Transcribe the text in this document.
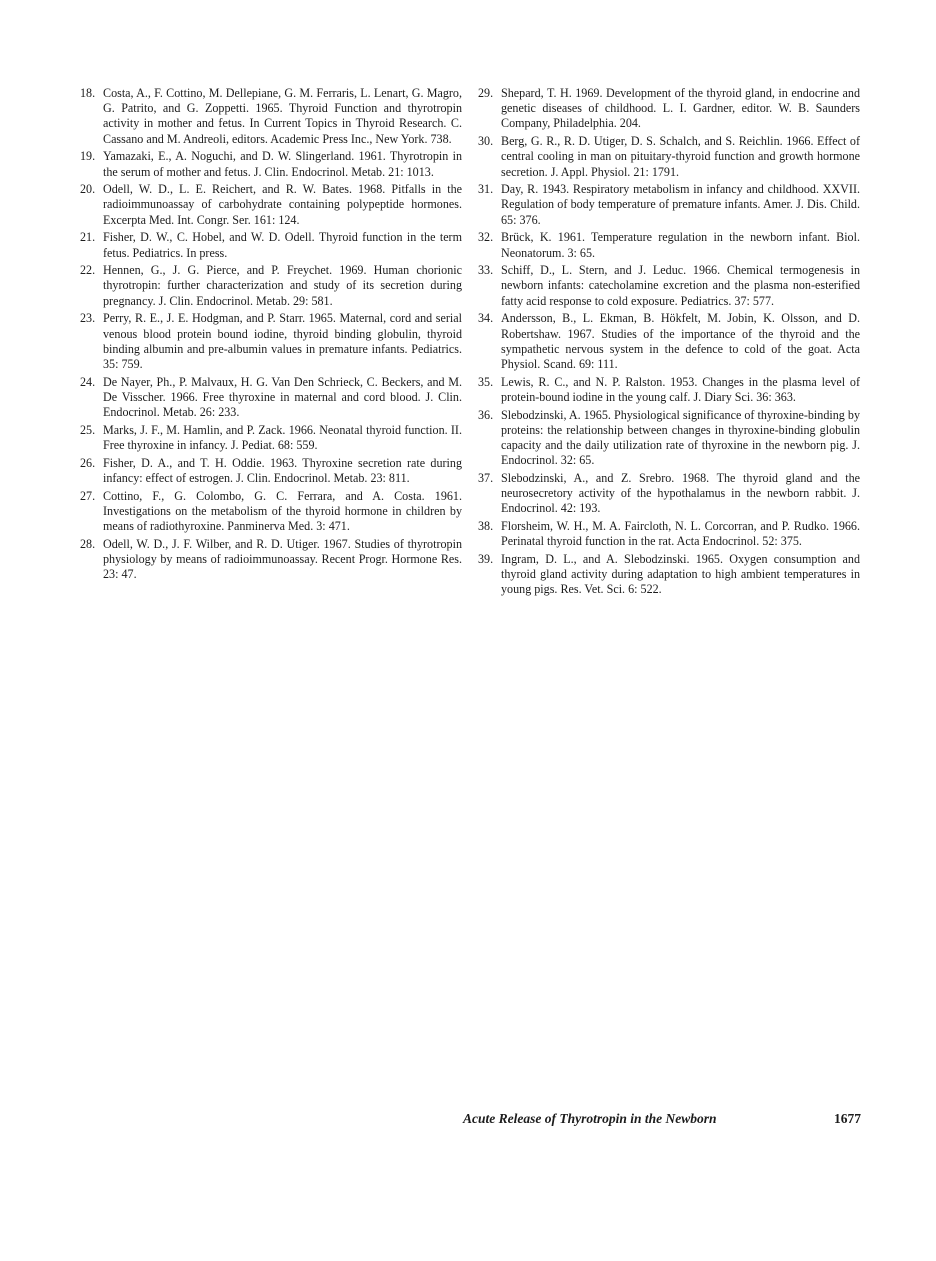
18. Costa, A., F. Cottino, M. Dellepiane, G. M. Ferraris, L. Lenart, G. Magro, G. Patrito, and G. Zoppetti. 1965. Thyroid Function and thyrotropin activity in mother and fetus. In Current Topics in Thyroid Research. C. Cassano and M. Andreoli, editors. Academic Press Inc., New York. 738.
19. Yamazaki, E., A. Noguchi, and D. W. Slingerland. 1961. Thyrotropin in the serum of mother and fetus. J. Clin. Endocrinol. Metab. 21: 1013.
20. Odell, W. D., L. E. Reichert, and R. W. Bates. 1968. Pitfalls in the radioimmunoassay of carbohydrate containing polypeptide hormones. Excerpta Med. Int. Congr. Ser. 161: 124.
21. Fisher, D. W., C. Hobel, and W. D. Odell. Thyroid function in the term fetus. Pediatrics. In press.
22. Hennen, G., J. G. Pierce, and P. Freychet. 1969. Human chorionic thyrotropin: further characterization and study of its secretion during pregnancy. J. Clin. Endocrinol. Metab. 29: 581.
23. Perry, R. E., J. E. Hodgman, and P. Starr. 1965. Maternal, cord and serial venous blood protein bound iodine, thyroid binding globulin, thyroid binding albumin and pre-albumin values in premature infants. Pediatrics. 35: 759.
24. De Nayer, Ph., P. Malvaux, H. G. Van Den Schrieck, C. Beckers, and M. De Visscher. 1966. Free thyroxine in maternal and cord blood. J. Clin. Endocrinol. Metab. 26: 233.
25. Marks, J. F., M. Hamlin, and P. Zack. 1966. Neonatal thyroid function. II. Free thyroxine in infancy. J. Pediat. 68: 559.
26. Fisher, D. A., and T. H. Oddie. 1963. Thyroxine secretion rate during infancy: effect of estrogen. J. Clin. Endocrinol. Metab. 23: 811.
27. Cottino, F., G. Colombo, G. C. Ferrara, and A. Costa. 1961. Investigations on the metabolism of the thyroid hormone in children by means of radiothyroxine. Panminerva Med. 3: 471.
28. Odell, W. D., J. F. Wilber, and R. D. Utiger. 1967. Studies of thyrotropin physiology by means of radioimmunoassay. Recent Progr. Hormone Res. 23: 47.
29. Shepard, T. H. 1969. Development of the thyroid gland, in endocrine and genetic diseases of childhood. L. I. Gardner, editor. W. B. Saunders Company, Philadelphia. 204.
30. Berg, G. R., R. D. Utiger, D. S. Schalch, and S. Reichlin. 1966. Effect of central cooling in man on pituitary-thyroid function and growth hormone secretion. J. Appl. Physiol. 21: 1791.
31. Day, R. 1943. Respiratory metabolism in infancy and childhood. XXVII. Regulation of body temperature of premature infants. Amer. J. Dis. Child. 65: 376.
32. Brück, K. 1961. Temperature regulation in the newborn infant. Biol. Neonatorum. 3: 65.
33. Schiff, D., L. Stern, and J. Leduc. 1966. Chemical termogenesis in newborn infants: catecholamine excretion and the plasma non-esterified fatty acid response to cold exposure. Pediatrics. 37: 577.
34. Andersson, B., L. Ekman, B. Hökfelt, M. Jobin, K. Olsson, and D. Robertshaw. 1967. Studies of the importance of the thyroid and the sympathetic nervous system in the defence to cold of the goat. Acta Physiol. Scand. 69: 111.
35. Lewis, R. C., and N. P. Ralston. 1953. Changes in the plasma level of protein-bound iodine in the young calf. J. Diary Sci. 36: 363.
36. Slebodzinski, A. 1965. Physiological significance of thyroxine-binding by proteins: the relationship between changes in thyroxine-binding globulin capacity and the daily utilization rate of thyroxine in the newborn pig. J. Endocrinol. 32: 65.
37. Slebodzinski, A., and Z. Srebro. 1968. The thyroid gland and the neurosecretory activity of the hypothalamus in the newborn rabbit. J. Endocrinol. 42: 193.
38. Florsheim, W. H., M. A. Faircloth, N. L. Corcorran, and P. Rudko. 1966. Perinatal thyroid function in the rat. Acta Endocrinol. 52: 375.
39. Ingram, D. L., and A. Slebodzinski. 1965. Oxygen consumption and thyroid gland activity during adaptation to high ambient temperatures in young pigs. Res. Vet. Sci. 6: 522.
Acute Release of Thyrotropin in the Newborn	1677
